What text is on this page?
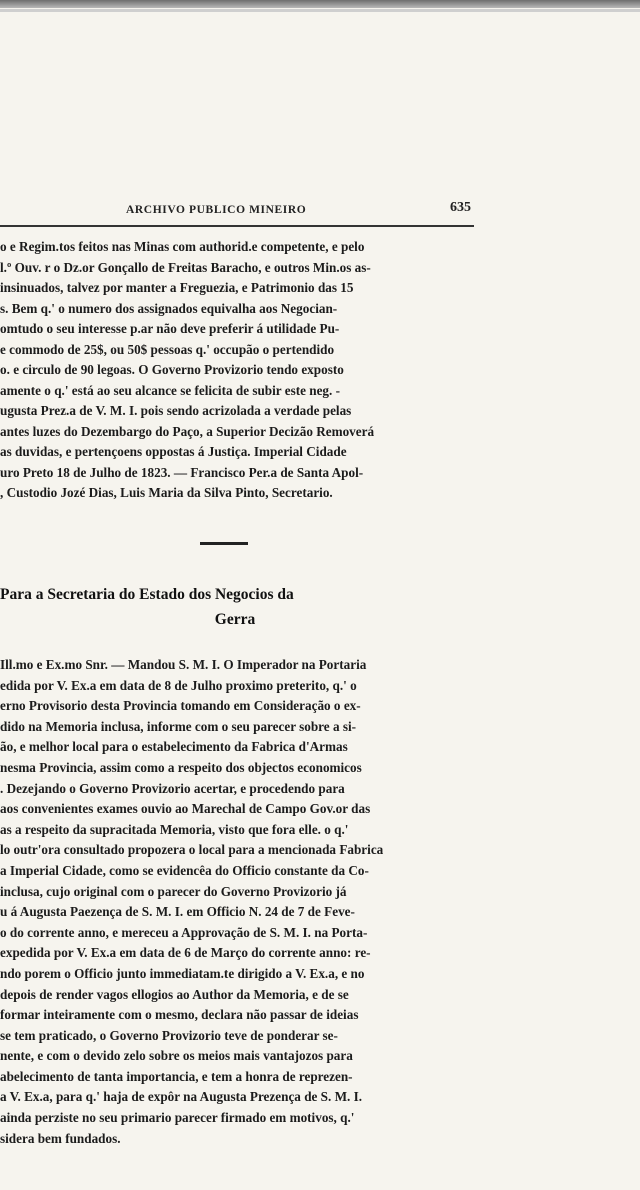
ARCHIVO PUBLICO MINEIRO	635
o e Regim.tos feitos nas Minas com authorid.e competente, e pelo
l.º Ouv. r o Dz.or Gonçallo de Freitas Baracho, e outros Min.os as-
insinuados, talvez por manter a Freguezia, e Patrimonio das 15
s. Bem q.' o numero dos assignados equivalha aos Negocian-
omtudo o seu interesse p.ar não deve preferir á utilidade Pu-
e commodo de 25$, ou 50$ pessoas q.' occupão o pertendido
o. e circulo de 90 legoas. O Governo Provizorio tendo exposto
amente o q.' está ao seu alcance se felicita de subir este neg. -
ugusta Prez.a de V. M. I. pois sendo acrizolada a verdade pelas
antes luzes do Dezembargo do Paço, a Superior Decizão Removerá
as duvidas, e pertençoens oppostas á Justiça. Imperial Cidade
uro Preto 18 de Julho de 1823. — Francisco Per.a de Santa Apol-
, Custodio Jozé Dias, Luis Maria da Silva Pinto, Secretario.
Para a Secretaria do Estado dos Negocios da
Gerra
Ill.mo e Ex.mo Snr. — Mandou S. M. I. O Imperador na Portaria
edida por V. Ex.a em data de 8 de Julho proximo preterito, q.' o
erno Provisorio desta Provincia tomando em Consideração o ex-
dido na Memoria inclusa, informe com o seu parecer sobre a si-
ão, e melhor local para o estabelecimento da Fabrica d'Armas
nesma Provincia, assim como a respeito dos objectos economicos
. Dezejando o Governo Provizorio acertar, e procedendo para
aos convenientes exames ouvio ao Marechal de Campo Gov.or das
as a respeito da supracitada Memoria, visto que fora elle. o q.'
lo outr'ora consultado propozera o local para a mencionada Fabrica
a Imperial Cidade, como se evidencêa do Officio constante da Co-
inclusa, cujo original com o parecer do Governo Provizorio já
u á Augusta Paezença de S. M. I. em Officio N. 24 de 7 de Feve-
o do corrente anno, e mereceu a Approvação de S. M. I. na Porta-
expedida por V. Ex.a em data de 6 de Março do corrente anno: re-
ndo porem o Officio junto immediatam.te dirigido a V. Ex.a, e no
depois de render vagos ellogios ao Author da Memoria, e de se
formar inteiramente com o mesmo, declara não passar de ideias
se tem praticado, o Governo Provizorio teve de ponderar se-
nente, e com o devido zelo sobre os meios mais vantajozos para
abelecimento de tanta importancia, e tem a honra de reprezen-
a V. Ex.a, para q.' haja de expôr na Augusta Prezença de S. M. I.
ainda perziste no seu primario parecer firmado em motivos, q.'
sidera bem fundados.
